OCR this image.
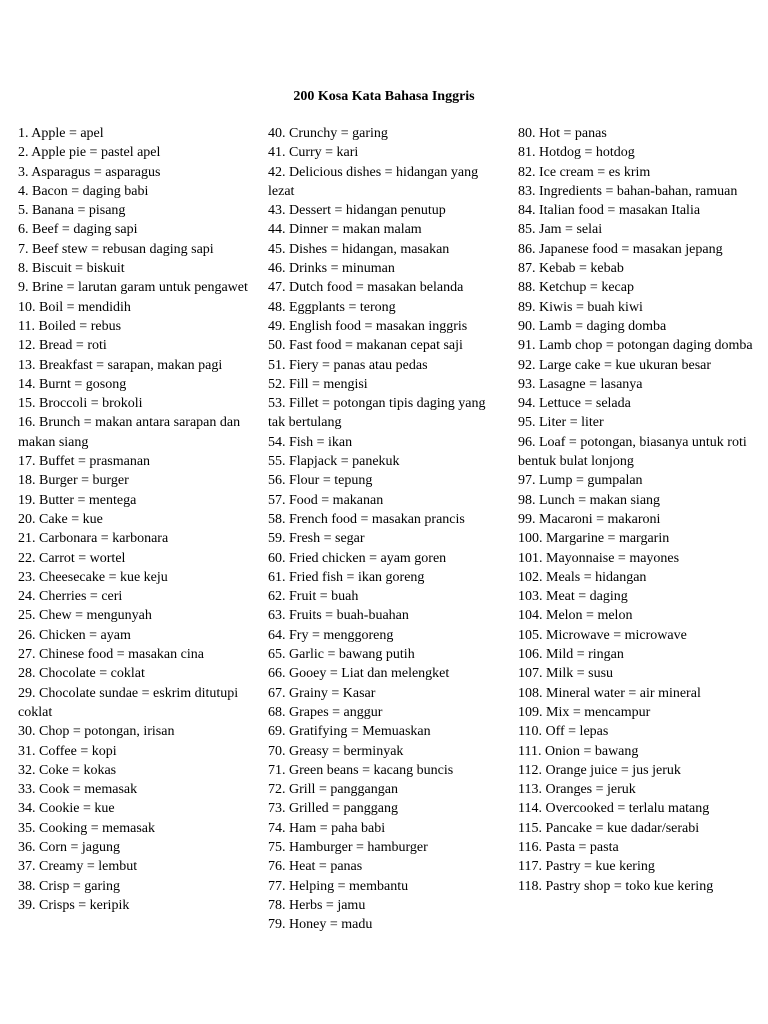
200 Kosa Kata Bahasa Inggris

1. Apple = apel

2. Apple pie = pastel apel

3. Asparagus = asparagus

4. Bacon = daging babi

5. Banana = pisang

6. Beef = daging sapi

7. Beef stew = rebusan daging sapi

8. Biscuit = biskuit

9. Brine = larutan garam untuk pengawet

10. Boil = mendidih

11. Boiled = rebus

12. Bread = roti

13. Breakfast = sarapan, makan pagi

14. Burnt = gosong

15. Broccoli = brokoli

16. Brunch = makan antara sarapan dan makan siang

17. Buffet = prasmanan

18. Burger = burger

19. Butter = mentega

20. Cake = kue

21. Carbonara = karbonara

22. Carrot = wortel

23. Cheesecake = kue keju

24. Cherries = ceri

25. Chew = mengunyah

26. Chicken = ayam

27. Chinese food = masakan cina

28. Chocolate = coklat

29. Chocolate sundae = eskrim ditutupi coklat

30. Chop = potongan, irisan

31. Coffee = kopi

32. Coke = kokas

33. Cook = memasak

34. Cookie = kue

35. Cooking = memasak

36. Corn = jagung

37. Creamy = lembut

38. Crisp = garing

39. Crisps = keripik

40. Crunchy = garing

41. Curry = kari

42. Delicious dishes = hidangan yang lezat

43. Dessert = hidangan penutup

44. Dinner = makan malam

45. Dishes = hidangan, masakan

46. Drinks = minuman

47. Dutch food = masakan belanda

48. Eggplants = terong

49. English food = masakan inggris

50. Fast food = makanan cepat saji

51. Fiery = panas atau pedas

52. Fill = mengisi

53. Fillet = potongan tipis daging yang tak bertulang

54. Fish = ikan

55. Flapjack = panekuk

56. Flour = tepung

57. Food = makanan

58. French food = masakan prancis

59. Fresh = segar

60. Fried chicken = ayam goren

61. Fried fish = ikan goreng

62. Fruit = buah

63. Fruits = buah-buahan

64. Fry = menggoreng

65. Garlic = bawang putih

66. Gooey = Liat dan melengket

67. Grainy = Kasar

68. Grapes = anggur

69. Gratifying = Memuaskan

70. Greasy = berminyak

71. Green beans = kacang buncis

72. Grill = panggangan

73. Grilled = panggang

74. Ham = paha babi

75. Hamburger = hamburger

76. Heat = panas

77. Helping = membantu

78. Herbs = jamu

79. Honey = madu

80. Hot = panas

81. Hotdog = hotdog

82. Ice cream = es krim

83. Ingredients = bahan-bahan, ramuan

84. Italian food = masakan Italia

85. Jam = selai

86. Japanese food = masakan jepang

87. Kebab = kebab

88. Ketchup = kecap

89. Kiwis = buah kiwi

90. Lamb = daging domba

91. Lamb chop = potongan daging domba

92. Large cake = kue ukuran besar

93. Lasagne = lasanya

94. Lettuce = selada

95. Liter = liter

96. Loaf = potongan, biasanya untuk roti bentuk bulat lonjong

97. Lump = gumpalan

98. Lunch = makan siang

99. Macaroni = makaroni

100. Margarine = margarin

101. Mayonnaise = mayones

102. Meals = hidangan

103. Meat = daging

104. Melon = melon

105. Microwave = microwave

106. Mild = ringan

107. Milk = susu

108. Mineral water = air mineral

109. Mix = mencampur

110. Off = lepas

111. Onion = bawang

112. Orange juice = jus jeruk

113. Oranges = jeruk

114. Overcooked = terlalu matang

115. Pancake = kue dadar/serabi

116. Pasta = pasta

117. Pastry = kue kering

118. Pastry shop = toko kue kering
